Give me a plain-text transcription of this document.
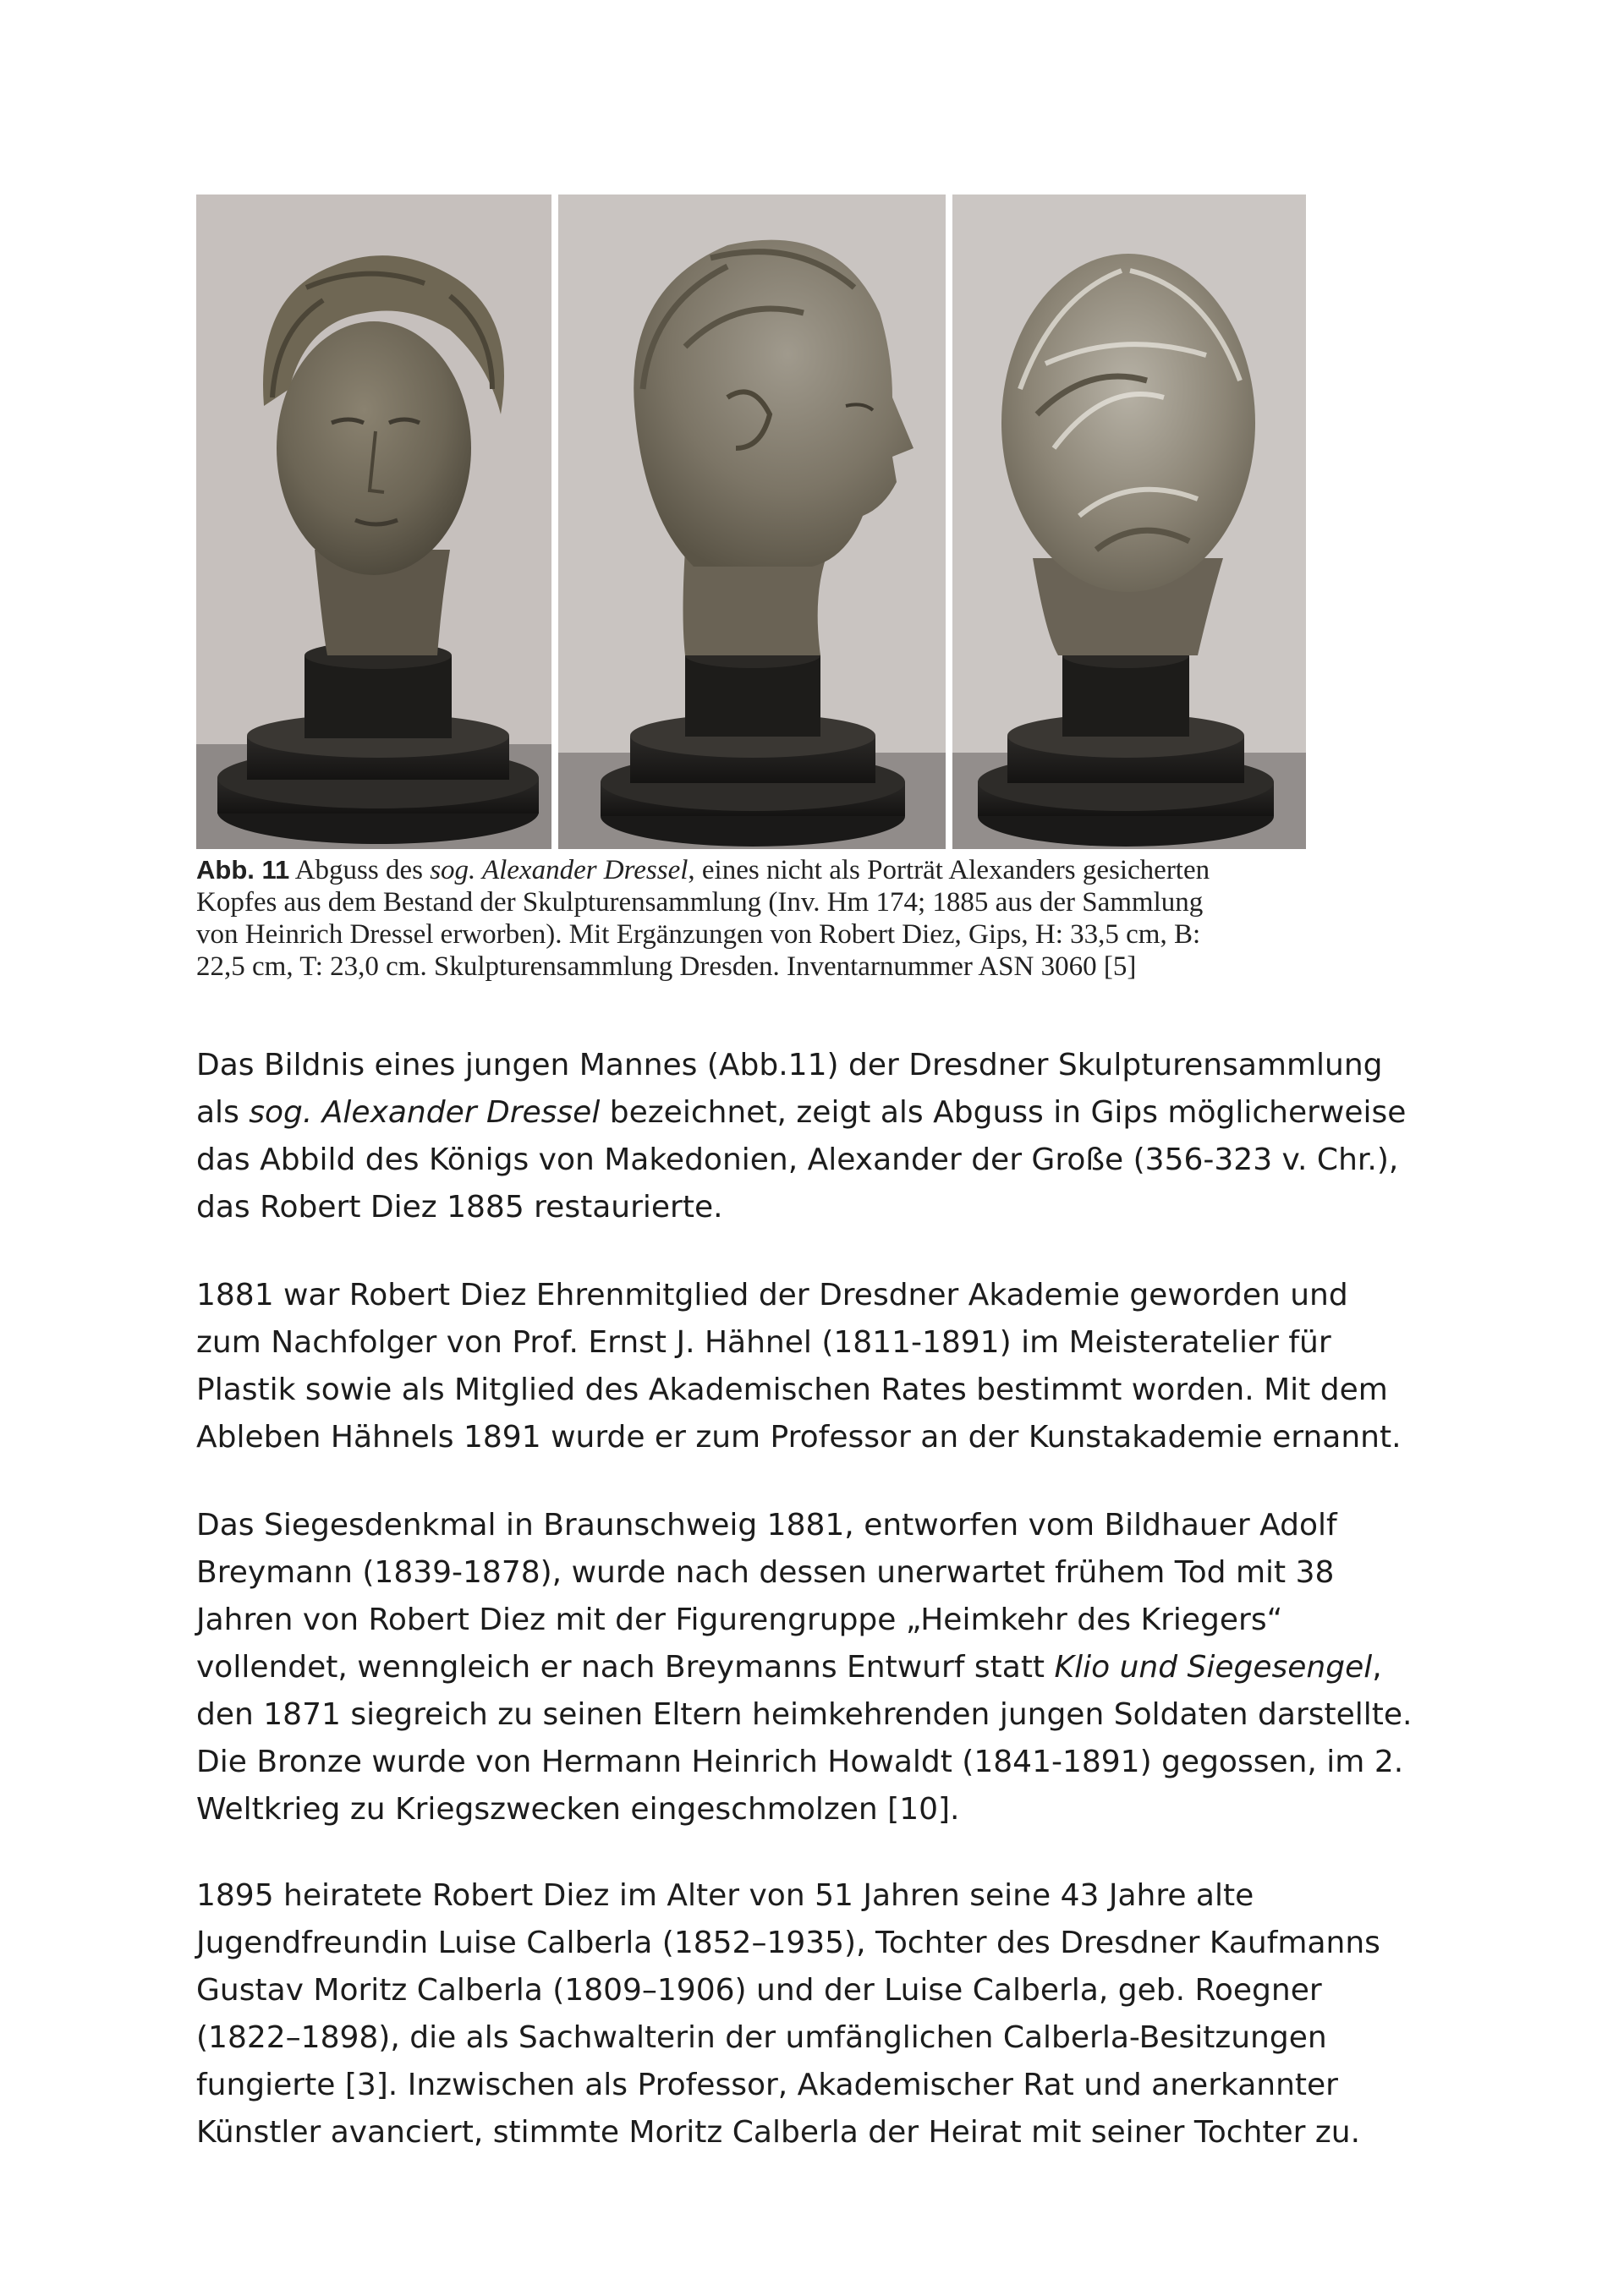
Abb. 11 Abguss des sog. Alexander Dressel, eines nicht als Porträt Alexanders gesicherten
Kopfes aus dem Bestand der Skulpturensammlung (Inv. Hm 174; 1885 aus der Sammlung
von Heinrich Dressel erworben). Mit Ergänzungen von Robert Diez, Gips, H: 33,5 cm, B:
22,5 cm, T: 23,0 cm. Skulpturensammlung Dresden. Inventarnummer ASN 3060 [5]

Das Bildnis eines jungen Mannes (Abb.11) der Dresdner Skulpturensammlung
als sog. Alexander Dressel bezeichnet, zeigt als Abguss in Gips möglicherweise
das Abbild des Königs von Makedonien, Alexander der Große (356-323 v. Chr.),
das Robert Diez 1885 restaurierte.

1881 war Robert Diez Ehrenmitglied der Dresdner Akademie geworden und
zum Nachfolger von Prof. Ernst J. Hähnel (1811-1891) im Meisteratelier für
Plastik sowie als Mitglied des Akademischen Rates bestimmt worden. Mit dem
Ableben Hähnels 1891 wurde er zum Professor an der Kunstakademie ernannt.

Das Siegesdenkmal in Braunschweig 1881, entworfen vom Bildhauer Adolf
Breymann (1839-1878), wurde nach dessen unerwartet frühem Tod mit 38
Jahren von Robert Diez mit der Figurengruppe „Heimkehr des Kriegers“
vollendet, wenngleich er nach Breymanns Entwurf statt Klio und Siegesengel,
den 1871 siegreich zu seinen Eltern heimkehrenden jungen Soldaten darstellte.
Die Bronze wurde von Hermann Heinrich Howaldt (1841-1891) gegossen, im 2.
Weltkrieg zu Kriegszwecken eingeschmolzen [10].

1895 heiratete Robert Diez im Alter von 51 Jahren seine 43 Jahre alte
Jugendfreundin Luise Calberla (1852–1935), Tochter des Dresdner Kaufmanns
Gustav Moritz Calberla (1809–1906) und der Luise Calberla, geb. Roegner
(1822–1898), die als Sachwalterin der umfänglichen Calberla-Besitzungen
fungierte [3]. Inzwischen als Professor, Akademischer Rat und anerkannter
Künstler avanciert, stimmte Moritz Calberla der Heirat mit seiner Tochter zu.
